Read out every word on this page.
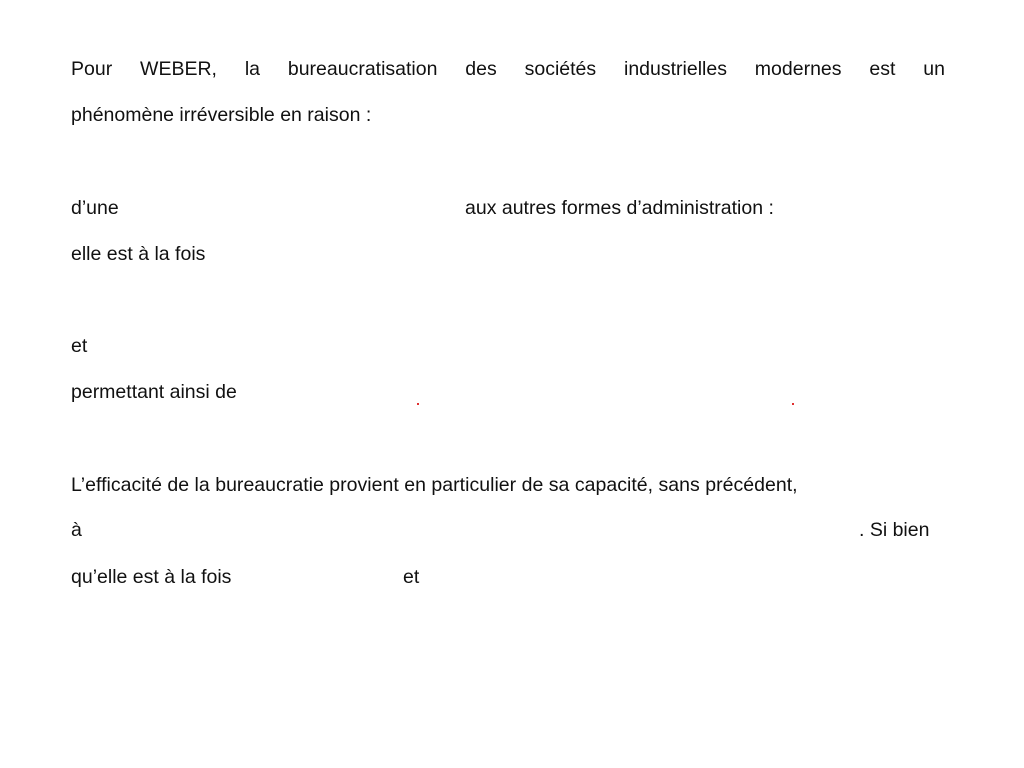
Pour WEBER, la bureaucratisation des sociétés industrielles modernes est un
phénomène irréversible en raison :
d’une	aux autres formes d’administration :
elle est à la fois
et
permettant ainsi de
L’efficacité de la bureaucratie provient en particulier de sa capacité, sans précédent,
à	. Si bien
qu’elle est à la fois	et
